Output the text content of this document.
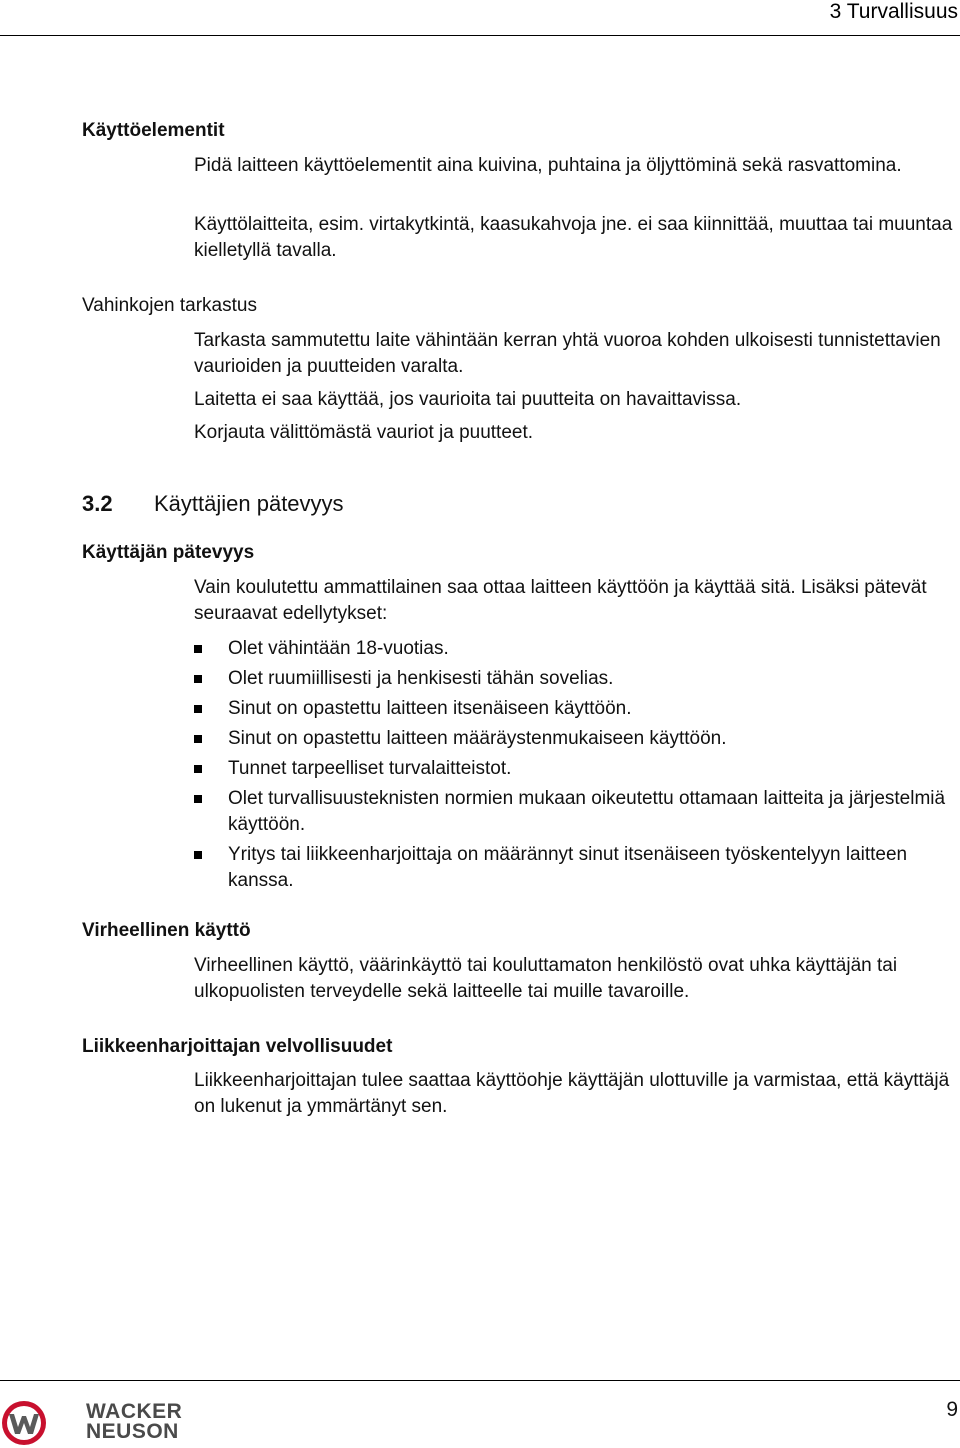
3 Turvallisuus
Käyttöelementit

Pidä laitteen käyttöelementit aina kuivina, puhtaina ja öljyttöminä sekä rasvattomina.

Käyttölaitteita, esim. virtakytkintä, kaasukahvoja jne. ei saa kiinnittää, muuttaa tai muuntaa kielletyllä tavalla.

Vahinkojen tarkastus

Tarkasta sammutettu laite vähintään kerran yhtä vuoroa kohden ulkoisesti tunnistettavien vaurioiden ja puutteiden varalta.

Laitetta ei saa käyttää, jos vaurioita tai puutteita on havaittavissa.

Korjauta välittömästä vauriot ja puutteet.

3.2 Käyttäjien pätevyys
Käyttäjän pätevyys

Vain koulutettu ammattilainen saa ottaa laitteen käyttöön ja käyttää sitä. Lisäksi pätevät seuraavat edellytykset:

Olet vähintään 18-vuotias.
Olet ruumiillisesti ja henkisesti tähän sovelias.
Sinut on opastettu laitteen itsenäiseen käyttöön.
Sinut on opastettu laitteen määräystenmukaiseen käyttöön.
Tunnet tarpeelliset turvalaitteistot.
Olet turvallisuusteknisten normien mukaan oikeutettu ottamaan laitteita ja järjestelmiä käyttöön.
Yritys tai liikkeenharjoittaja on määrännyt sinut itsenäiseen työskentelyyn laitteen kanssa.
Virheellinen käyttö

Virheellinen käyttö, väärinkäyttö tai kouluttamaton henkilöstö ovat uhka käyttäjän tai ulkopuolisten terveydelle sekä laitteelle tai muille tavaroille.

Liikkeenharjoittajan velvollisuudet

Liikkeenharjoittajan tulee saattaa käyttöohje käyttäjän ulottuville ja varmistaa, että käyttäjä on lukenut ja ymmärtänyt sen.

WACKER
NEUSON
9
